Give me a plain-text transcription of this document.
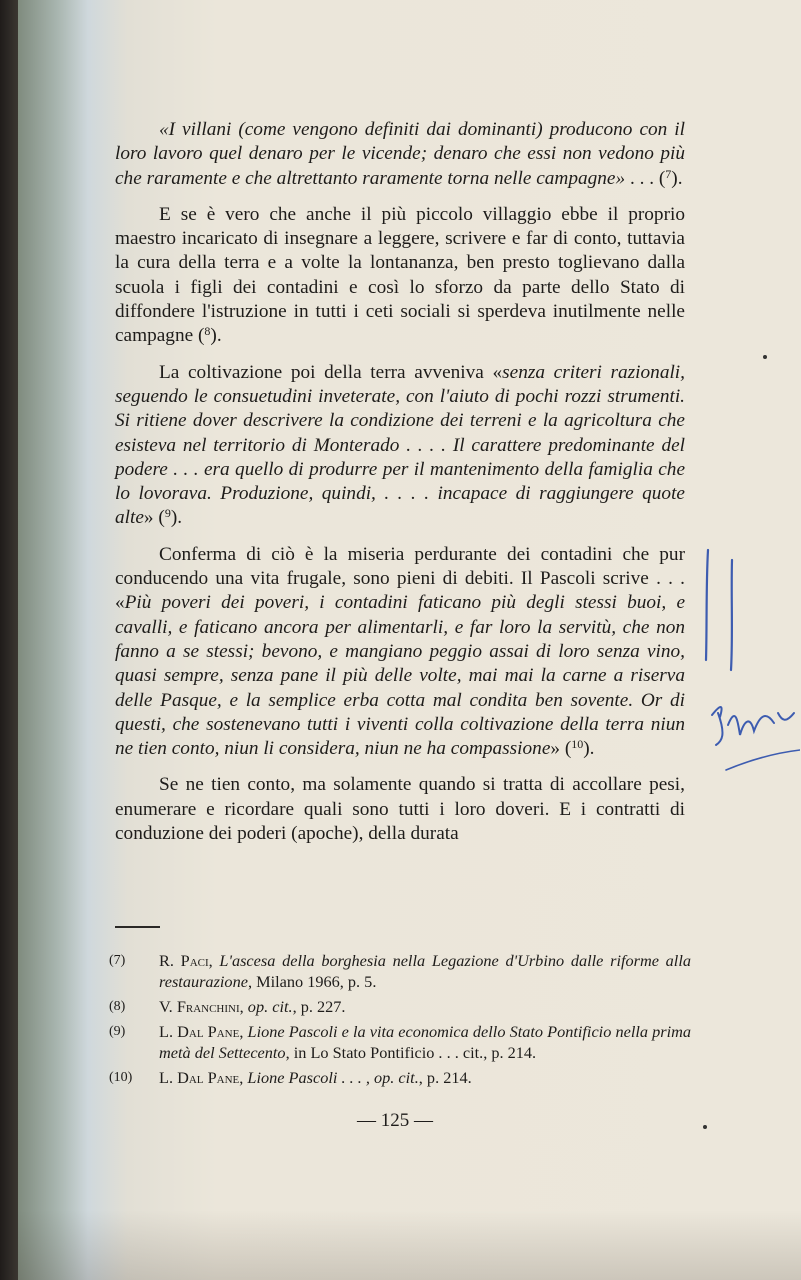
«I villani (come vengono definiti dai dominanti) producono con il loro lavoro quel denaro per le vicende; denaro che essi non vedono più che raramente e che altrettanto raramente torna nelle campagne» . . . ($^7$).

E se è vero che anche il più piccolo villaggio ebbe il proprio maestro incaricato di insegnare a leggere, scrivere e far di conto, tuttavia la cura della terra e a volte la lontananza, ben presto toglievano dalla scuola i figli dei contadini e così lo sforzo da parte dello Stato di diffondere l'istruzione in tutti i ceti sociali si sperdeva inutilmente nelle campagne ($^8$).

La coltivazione poi della terra avveniva «senza criteri razionali, seguendo le consuetudini inveterate, con l'aiuto di pochi rozzi strumenti. Si ritiene dover descrivere la condizione dei terreni e la agricoltura che esisteva nel territorio di Monterado . . . . Il carattere predominante del podere . . . era quello di produrre per il mantenimento della famiglia che lo lovorava. Produzione, quindi, . . . . incapace di raggiungere quote alte» ($^9$).

Conferma di ciò è la miseria perdurante dei contadini che pur conducendo una vita frugale, sono pieni di debiti. Il Pascoli scrive . . . «Più poveri dei poveri, i contadini faticano più degli stessi buoi, e cavalli, e faticano ancora per alimentarli, e far loro la servitù, che non fanno a se stessi; bevono, e mangiano peggio assai di loro senza vino, quasi sempre, senza pane il più delle volte, mai mai la carne a riserva delle Pasque, e la semplice erba cotta mal condita ben sovente. Or di questi, che sostenevano tutti i viventi colla coltivazione della terra niun ne tien conto, niun li considera, niun ne ha compassione» ($^{10}$).

Se ne tien conto, ma solamente quando si tratta di accollare pesi, enumerare e ricordare quali sono tutti i loro doveri. E i contratti di conduzione dei poderi (apoche), della durata

(7)	R. Paci, L'ascesa della borghesia nella Legazione d'Urbino dalle riforme alla restaurazione, Milano 1966, p. 5.
(8)	V. Franchini, op. cit., p. 227.
(9)	L. Dal Pane, Lione Pascoli e la vita economica dello Stato Pontificio nella prima metà del Settecento, in Lo Stato Pontificio . . . cit., p. 214.
(10)	L. Dal Pane, Lione Pascoli . . . , op. cit., p. 214.
— 125 —
